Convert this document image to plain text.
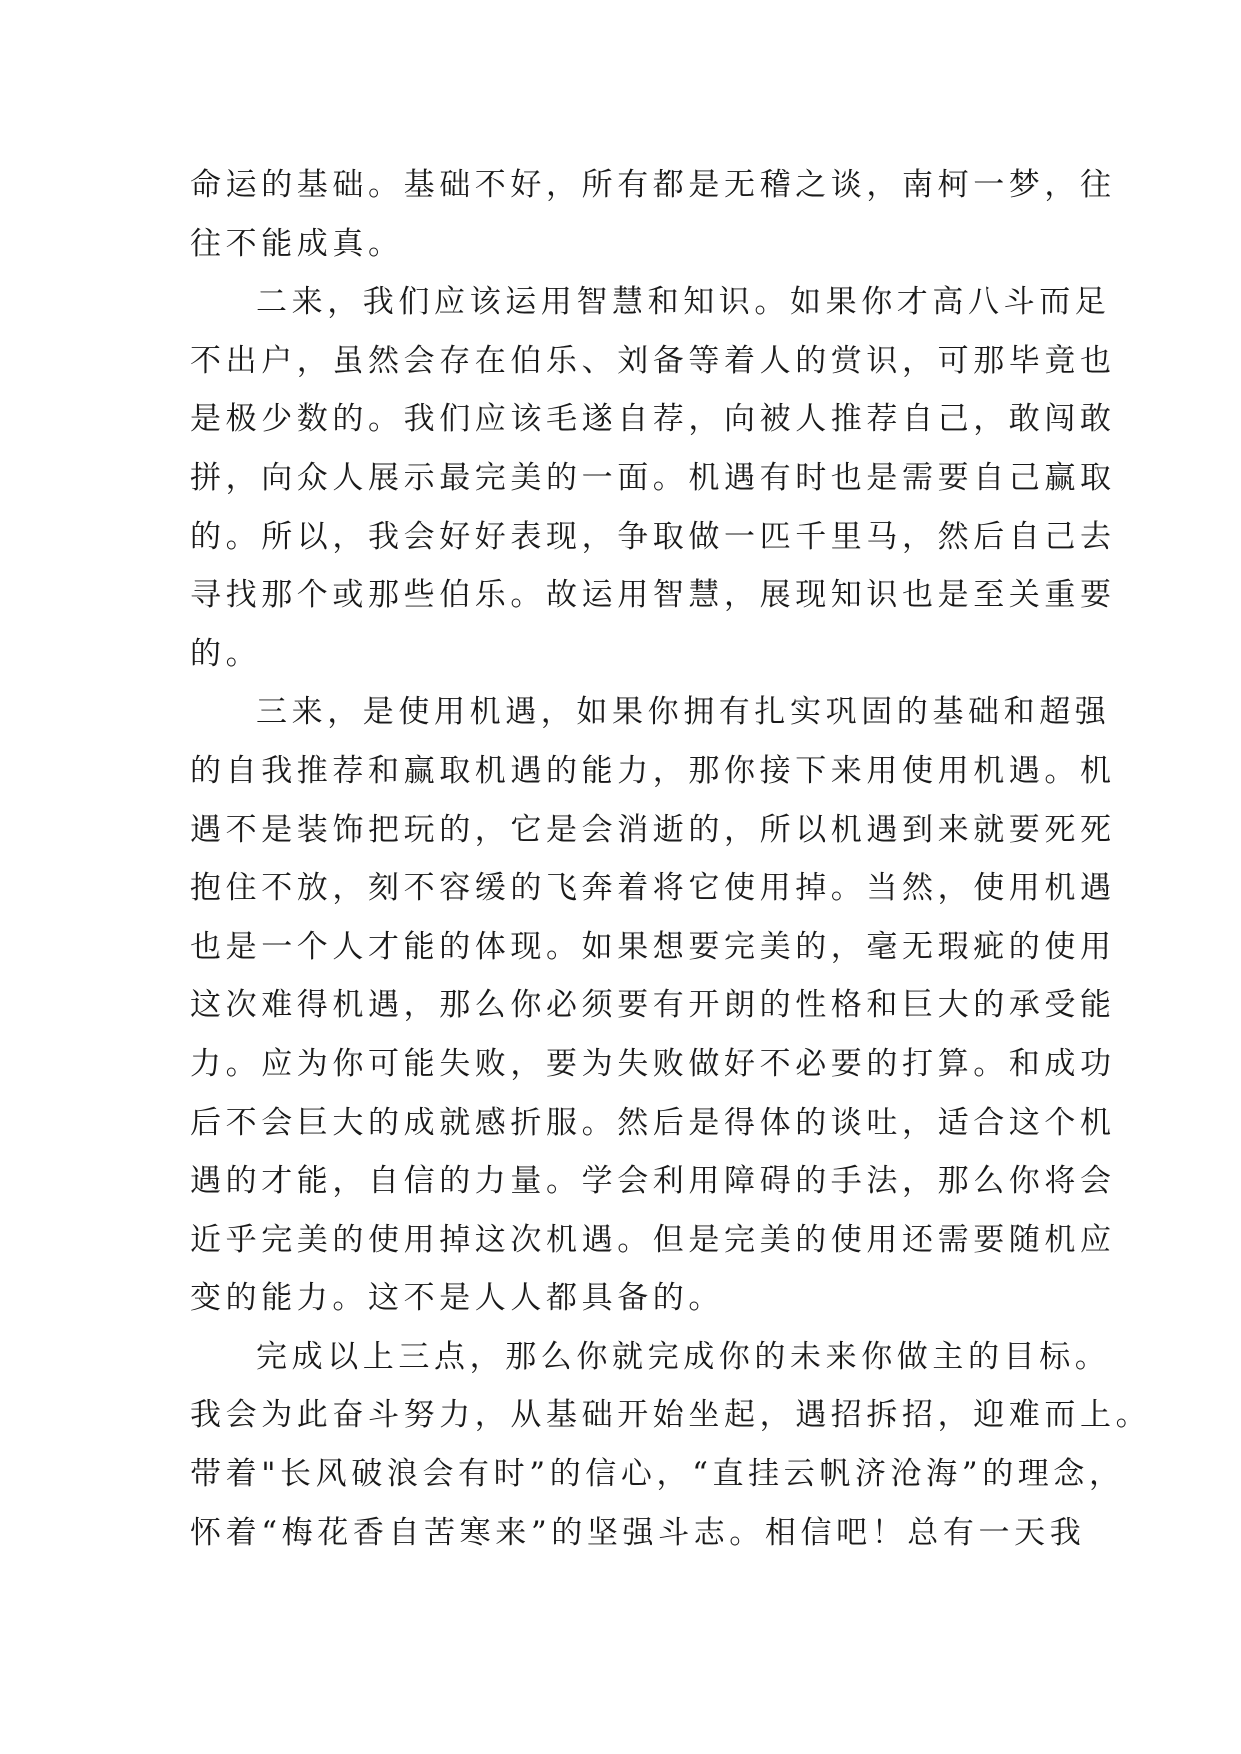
命运的基础。基础不好，所有都是无稽之谈，南柯一梦，往
往不能成真。
二来，我们应该运用智慧和知识。如果你才高八斗而足
不出户，虽然会存在伯乐、刘备等着人的赏识，可那毕竟也
是极少数的。我们应该毛遂自荐，向被人推荐自己，敢闯敢
拼，向众人展示最完美的一面。机遇有时也是需要自己赢取
的。所以，我会好好表现，争取做一匹千里马，然后自己去
寻找那个或那些伯乐。故运用智慧，展现知识也是至关重要
的。
三来，是使用机遇，如果你拥有扎实巩固的基础和超强
的自我推荐和赢取机遇的能力，那你接下来用使用机遇。机
遇不是装饰把玩的，它是会消逝的，所以机遇到来就要死死
抱住不放，刻不容缓的飞奔着将它使用掉。当然，使用机遇
也是一个人才能的体现。如果想要完美的，毫无瑕疵的使用
这次难得机遇，那么你必须要有开朗的性格和巨大的承受能
力。应为你可能失败，要为失败做好不必要的打算。和成功
后不会巨大的成就感折服。然后是得体的谈吐，适合这个机
遇的才能，自信的力量。学会利用障碍的手法，那么你将会
近乎完美的使用掉这次机遇。但是完美的使用还需要随机应
变的能力。这不是人人都具备的。
完成以上三点，那么你就完成你的未来你做主的目标。
我会为此奋斗努力，从基础开始坐起，遇招拆招，迎难而上。
带着"长风破浪会有时”的信心，“直挂云帆济沧海”的理念，
怀着“梅花香自苦寒来”的坚强斗志。相信吧！总有一天我
